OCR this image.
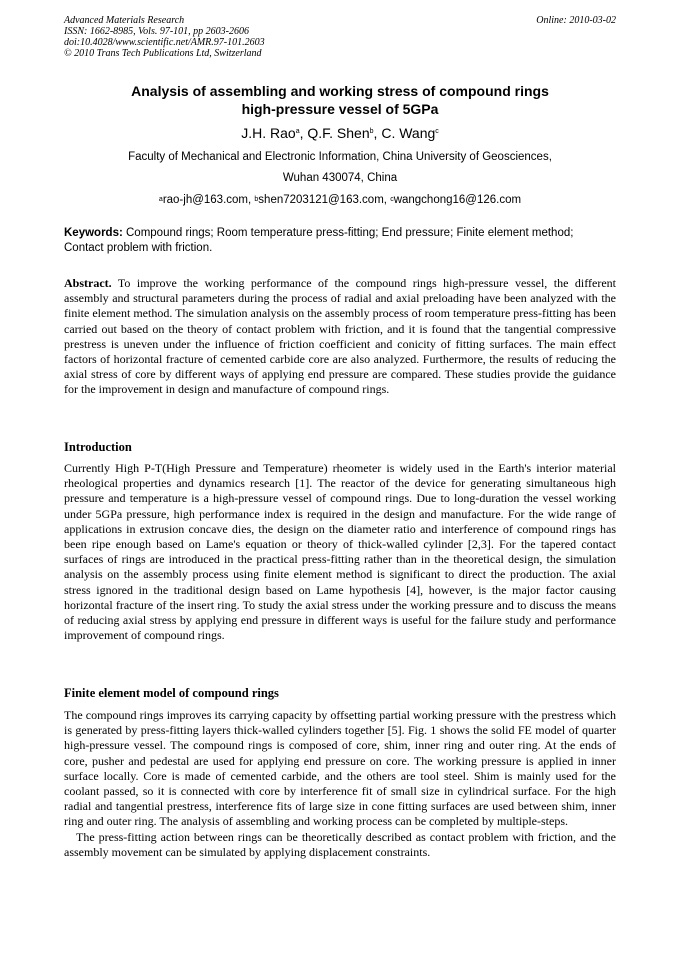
Advanced Materials Research
ISSN: 1662-8985, Vols. 97-101, pp 2603-2606
doi:10.4028/www.scientific.net/AMR.97-101.2603
© 2010 Trans Tech Publications Ltd, Switzerland
Online: 2010-03-02
Analysis of assembling and working stress of compound rings
high-pressure vessel of 5GPa
J.H. Rao$^a$, Q.F. Shen$^b$, C. Wang$^c$
Faculty of Mechanical and Electronic Information, China University of Geosciences,
Wuhan 430074, China
$^a$rao-jh@163.com, $^b$shen7203121@163.com, $^c$wangchong16@126.com
Keywords: Compound rings; Room temperature press-fitting; End pressure; Finite element method; Contact problem with friction.

Abstract. To improve the working performance of the compound rings high-pressure vessel, the different assembly and structural parameters during the process of radial and axial preloading have been analyzed with the finite element method. The simulation analysis on the assembly process of room temperature press-fitting has been carried out based on the theory of contact problem with friction, and it is found that the tangential compressive prestress is uneven under the influence of friction coefficient and conicity of fitting surfaces. The main effect factors of horizontal fracture of cemented carbide core are also analyzed. Furthermore, the results of reducing the axial stress of core by different ways of applying end pressure are compared. These studies provide the guidance for the improvement in design and manufacture of compound rings.

Introduction

Currently High P-T(High Pressure and Temperature) rheometer is widely used in the Earth's interior material rheological properties and dynamics research [1]. The reactor of the device for generating simultaneous high pressure and temperature is a high-pressure vessel of compound rings. Due to long-duration the vessel working under 5GPa pressure, high performance index is required in the design and manufacture. For the wide range of applications in extrusion concave dies, the design on the diameter ratio and interference of compound rings has been ripe enough based on Lame's equation or theory of thick-walled cylinder [2,3]. For the tapered contact surfaces of rings are introduced in the practical press-fitting rather than in the theoretical design, the simulation analysis on the assembly process using finite element method is significant to direct the production. The axial stress ignored in the traditional design based on Lame hypothesis [4], however, is the major factor causing horizontal fracture of the insert ring. To study the axial stress under the working pressure and to discuss the means of reducing axial stress by applying end pressure in different ways is useful for the failure study and performance improvement of compound rings.

Finite element model of compound rings

The compound rings improves its carrying capacity by offsetting partial working pressure with the prestress which is generated by press-fitting layers thick-walled cylinders together [5]. Fig. 1 shows the solid FE model of quarter high-pressure vessel. The compound rings is composed of core, shim, inner ring and outer ring. At the ends of core, pusher and pedestal are used for applying end pressure on core. The working pressure is applied in inner surface locally. Core is made of cemented carbide, and the others are tool steel. Shim is mainly used for the coolant passed, so it is connected with core by interference fit of small size in cylindrical surface. For the high radial and tangential prestress, interference fits of large size in cone fitting surfaces are used between shim, inner ring and outer ring. The analysis of assembling and working process can be completed by multiple-steps.

The press-fitting action between rings can be theoretically described as contact problem with friction, and the assembly movement can be simulated by applying displacement constraints.
